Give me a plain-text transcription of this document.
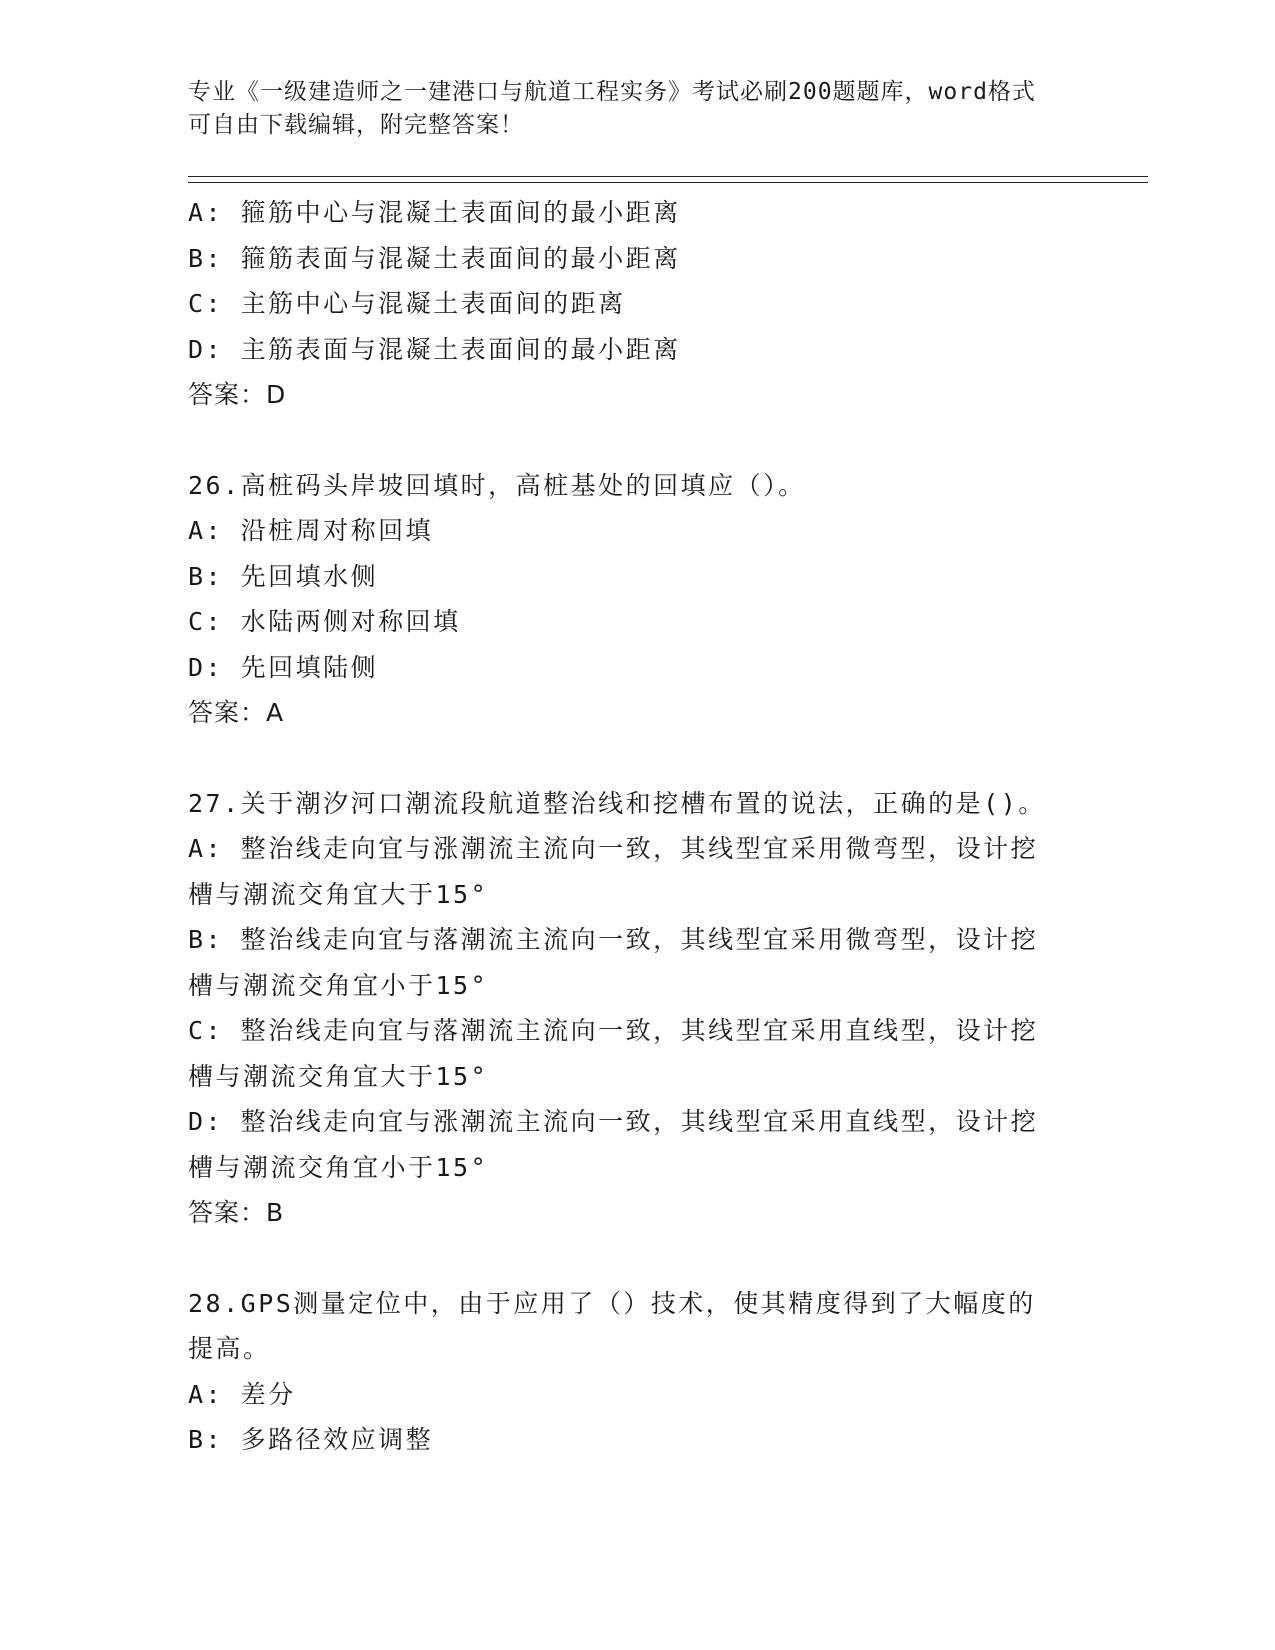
专业《一级建造师之一建港口与航道工程实务》考试必刷200题题库，word格式
可自由下载编辑，附完整答案！
A: 箍筋中心与混凝土表面间的最小距离
B: 箍筋表面与混凝土表面间的最小距离
C: 主筋中心与混凝土表面间的距离
D: 主筋表面与混凝土表面间的最小距离
答案：D
26.高桩码头岸坡回填时，高桩基处的回填应（）。
A: 沿桩周对称回填
B: 先回填水侧
C: 水陆两侧对称回填
D: 先回填陆侧
答案：A
27.关于潮汐河口潮流段航道整治线和挖槽布置的说法，正确的是()。
A: 整治线走向宜与涨潮流主流向一致，其线型宜采用微弯型，设计挖
槽与潮流交角宜大于15°
B: 整治线走向宜与落潮流主流向一致，其线型宜采用微弯型，设计挖
槽与潮流交角宜小于15°
C: 整治线走向宜与落潮流主流向一致，其线型宜采用直线型，设计挖
槽与潮流交角宜大于15°
D: 整治线走向宜与涨潮流主流向一致，其线型宜采用直线型，设计挖
槽与潮流交角宜小于15°
答案：B
28.GPS测量定位中，由于应用了（）技术，使其精度得到了大幅度的
提高。
A: 差分
B: 多路径效应调整
